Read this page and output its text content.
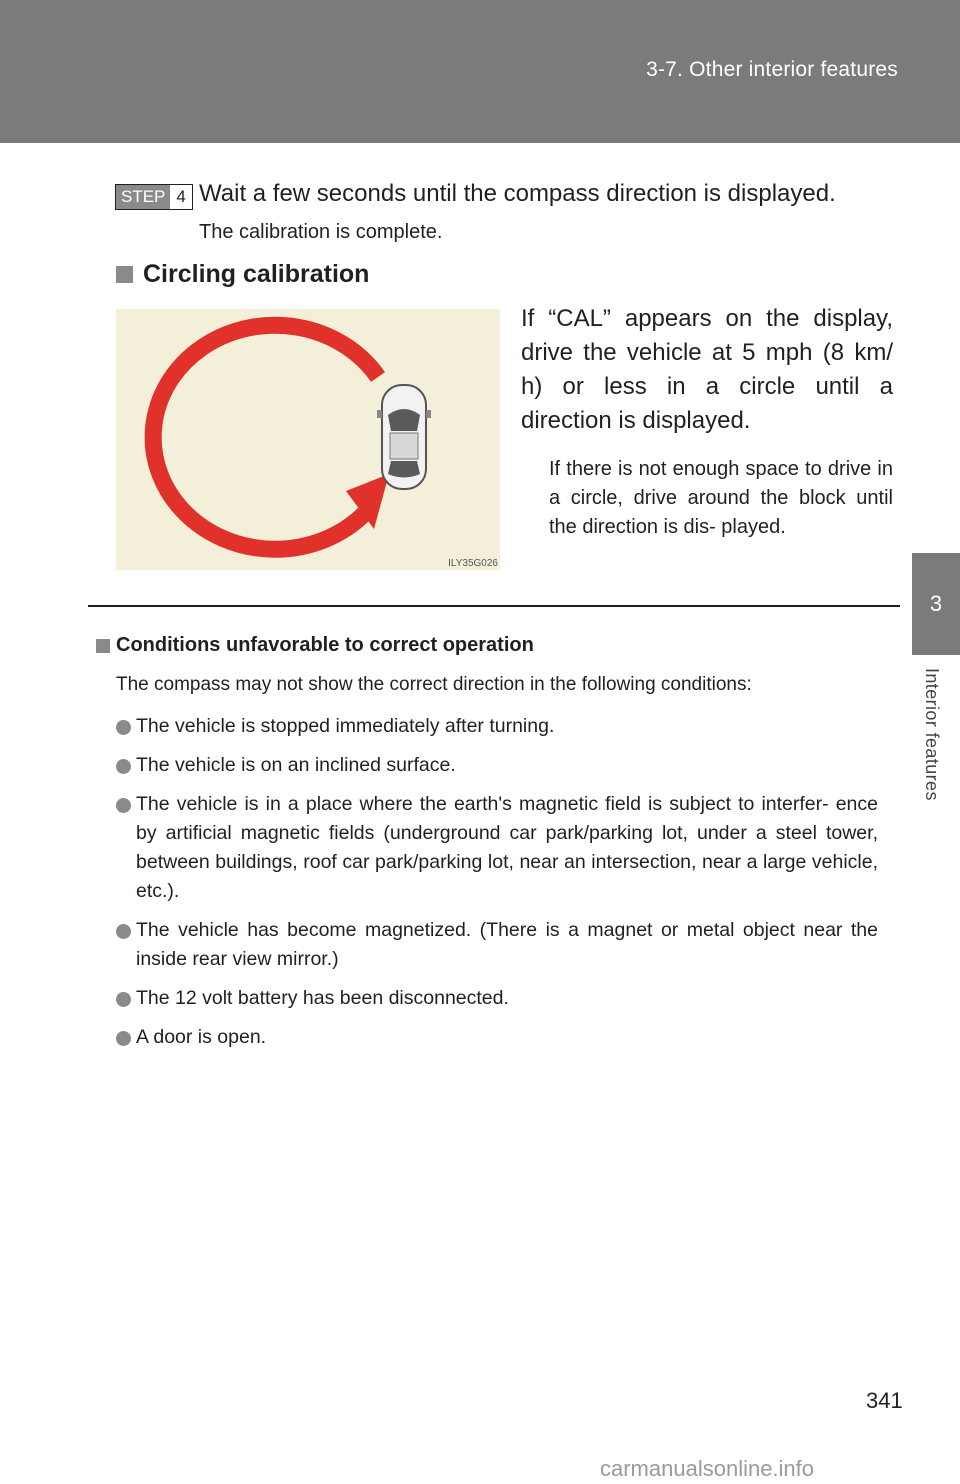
3-7. Other interior features
3
Interior features
STEP 4 Wait a few seconds until the compass direction is displayed.
The calibration is complete.
Circling calibration
ILY35G026
If “CAL” appears on the display, drive the vehicle at 5 mph (8 km/ h) or less in a circle until a direction is displayed.
If there is not enough space to drive in a circle, drive around the block until the direction is dis- played.
Conditions unfavorable to correct operation
The compass may not show the correct direction in the following conditions:
The vehicle is stopped immediately after turning.
The vehicle is on an inclined surface.
The vehicle is in a place where the earth's magnetic field is subject to interfer- ence by artificial magnetic fields (underground car park/parking lot, under a steel tower, between buildings, roof car park/parking lot, near an intersection, near a large vehicle, etc.).
The vehicle has become magnetized. (There is a magnet or metal object near the inside rear view mirror.)
The 12 volt battery has been disconnected.
A door is open.
341
carmanualsonline.info
